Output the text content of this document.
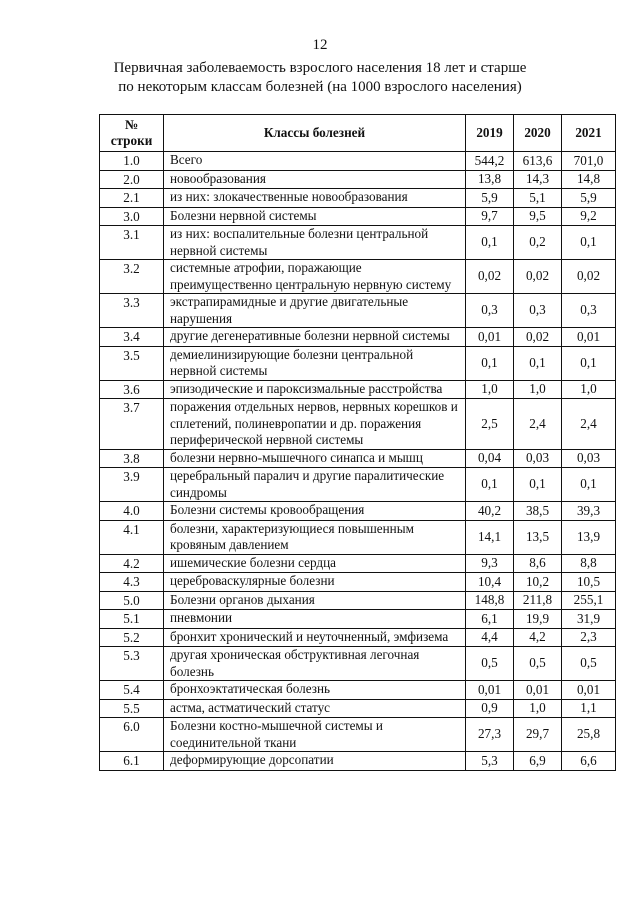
12
Первичная заболеваемость взрослого населения 18 лет и старше
по некоторым классам болезней (на 1000 взрослого населения)
№
строки	Классы болезней	2019	2020	2021
1.0	Всего	544,2	613,6	701,0
2.0	новообразования	13,8	14,3	14,8
2.1	из них: злокачественные новообразования	5,9	5,1	5,9
3.0	Болезни нервной системы	9,7	9,5	9,2
3.1	из них: воспалительные болезни центральной нервной системы	0,1	0,2	0,1
3.2	системные атрофии, поражающие преимущественно центральную нервную систему	0,02	0,02	0,02
3.3	экстрапирамидные и другие двигательные нарушения	0,3	0,3	0,3
3.4	другие дегенеративные болезни нервной системы	0,01	0,02	0,01
3.5	демиелинизирующие болезни центральной нервной системы	0,1	0,1	0,1
3.6	эпизодические и пароксизмальные расстройства	1,0	1,0	1,0
3.7	поражения отдельных нервов, нервных корешков и сплетений, полиневропатии и др. поражения периферической нервной системы	2,5	2,4	2,4
3.8	болезни нервно-мышечного синапса и мышц	0,04	0,03	0,03
3.9	церебральный паралич и другие паралитические синдромы	0,1	0,1	0,1
4.0	Болезни системы кровообращения	40,2	38,5	39,3
4.1	болезни, характеризующиеся повышенным кровяным давлением	14,1	13,5	13,9
4.2	ишемические болезни сердца	9,3	8,6	8,8
4.3	цереброваскулярные болезни	10,4	10,2	10,5
5.0	Болезни органов дыхания	148,8	211,8	255,1
5.1	пневмонии	6,1	19,9	31,9
5.2	бронхит хронический и неуточненный, эмфизема	4,4	4,2	2,3
5.3	другая хроническая обструктивная легочная болезнь	0,5	0,5	0,5
5.4	бронхоэктатическая болезнь	0,01	0,01	0,01
5.5	астма, астматический статус	0,9	1,0	1,1
6.0	Болезни костно-мышечной системы и соединительной ткани	27,3	29,7	25,8
6.1	деформирующие дорсопатии	5,3	6,9	6,6
